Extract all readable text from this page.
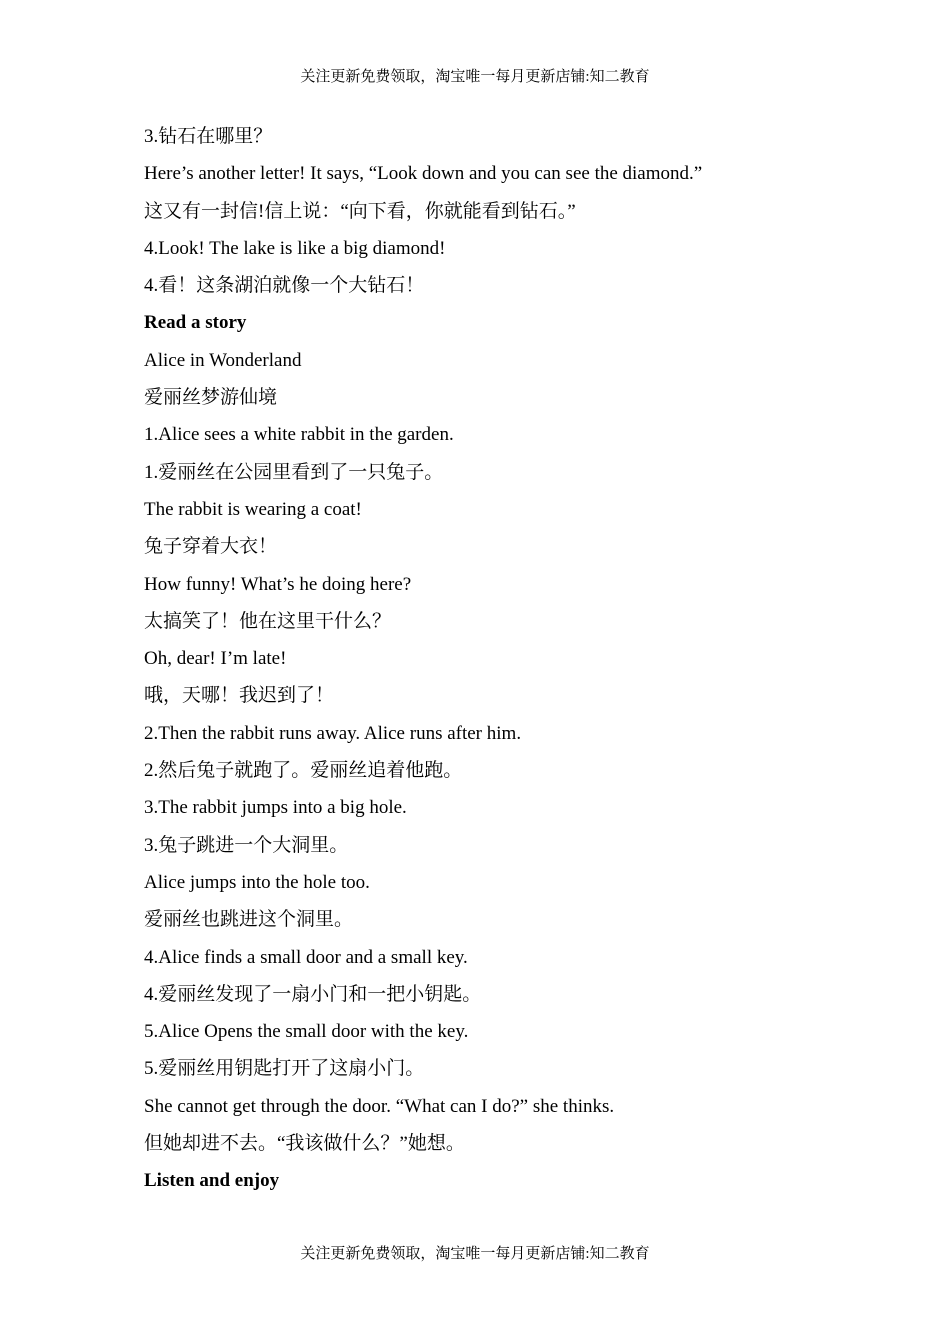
关注更新免费领取，淘宝唯一每月更新店铺:知二教育
3.钻石在哪里？
Here’s another letter! It says, “Look down and you can see the diamond.”
这又有一封信!信上说：“向下看，你就能看到钻石。”
4.Look! The lake is like a big diamond!
4.看！这条湖泊就像一个大钻石！
Read a story
Alice in Wonderland
爱丽丝梦游仙境
1.Alice sees a white rabbit in the garden.
1.爱丽丝在公园里看到了一只兔子。
The rabbit is wearing a coat!
兔子穿着大衣！
How funny! What’s he doing here?
太搞笑了！他在这里干什么？
Oh, dear! I’m late!
哦，天哪！我迟到了！
2.Then the rabbit runs away. Alice runs after him.
2.然后兔子就跑了。爱丽丝追着他跑。
3.The rabbit jumps into a big hole.
3.兔子跳进一个大洞里。
Alice jumps into the hole too.
爱丽丝也跳进这个洞里。
4.Alice finds a small door and a small key.
4.爱丽丝发现了一扇小门和一把小钥匙。
5.Alice Opens the small door with the key.
5.爱丽丝用钥匙打开了这扇小门。
She cannot get through the door. “What can I do?” she thinks.
但她却进不去。“我该做什么？”她想。
Listen and enjoy
关注更新免费领取，淘宝唯一每月更新店铺:知二教育
